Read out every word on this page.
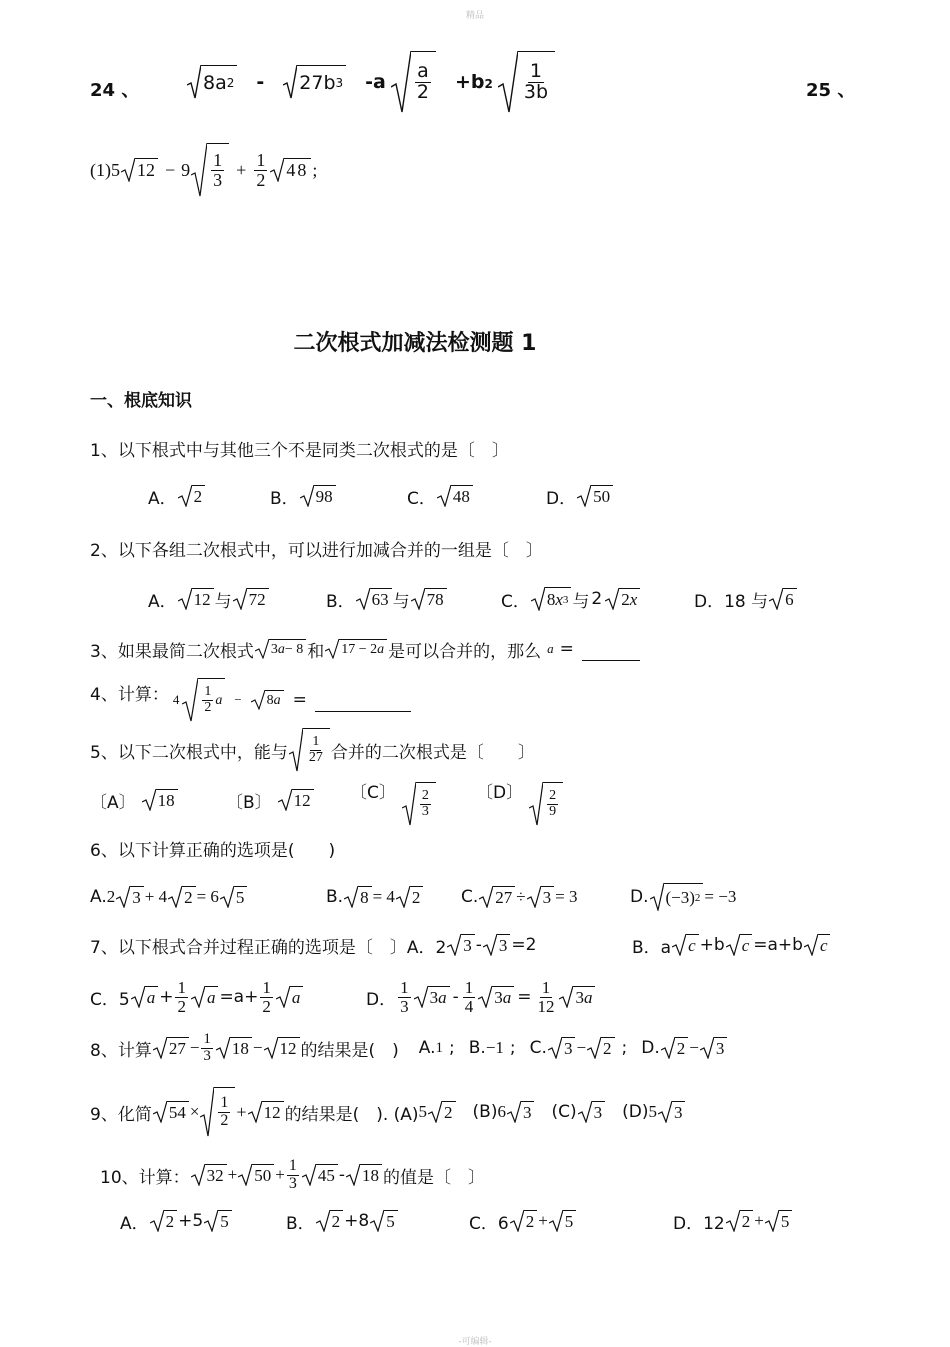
精品
24 、	8a 2 - 27b 3 $-a \frac{a}{2} +b2 \frac{1}{3b}$	25 、
(1) 5 $12 - 9 \frac{1}{3} + \frac{1}{2} 48$ ;
二次根式加减法检测题 1
一、根底知识
1、以下根式中与其他三个不是同类二次根式的是〔　〕
A． 2	B． 98	C． 48	D． 50
2、以下各组二次根式中，可以进行加减合并的一组是〔　〕
A． 12 与 72	B． 63 与 78	C． 8 x 3 与 2 2 x	D．18 与 6
3、如果最简二次根式 3 a − 8 和 17 − 2 a 是可以合并的，那么 a =
4、计算： $4 \frac{1}{2}$ a − 8 a =
5、以下二次根式中，能与 $\frac{1}{27}$ 合并的二次根式是〔　　〕
〔A〕 18	〔B〕 12 〔C〕 $\frac{2}{3}$	〔D〕 $\frac{2}{9}$
6、以下计算正确的选项是(　　)
A. 2 3 + 4 2 = 6 5	B. 8 = 4 2 C. 27 ÷ 3 = 3	D. (−3) 2 = −3
7、以下根式合并过程正确的选项是〔　〕A．2 3 - 3 =2	B．a c +b c =a+b c
C．5 $a + \frac{1}{2}$ $a =a+ \frac{1}{2}$ a	D． $\frac{1}{3} 3$ a - $\frac{1}{4} 3$ $a = \frac{1}{12} 3$ a
8、计算 $27 - \frac{1}{3} 18 - 12$ 的结果是(　) A. 1 ; B. −1 ; C. 3 − 2 ; D. 2 − 3
9、化简 $54 \times \frac{1}{2} + 12$ 的结果是(　). (A) 5 2 (B) 6 3 (C) 3 (D) 5 3
10、计算： $32 + 50 + \frac{1}{3} 45 - 18$ 的值是〔　〕
A． 2 +5 5	B． 2 +8 5	C．6 2 + 5	D．12 2 + 5
-可编辑-
